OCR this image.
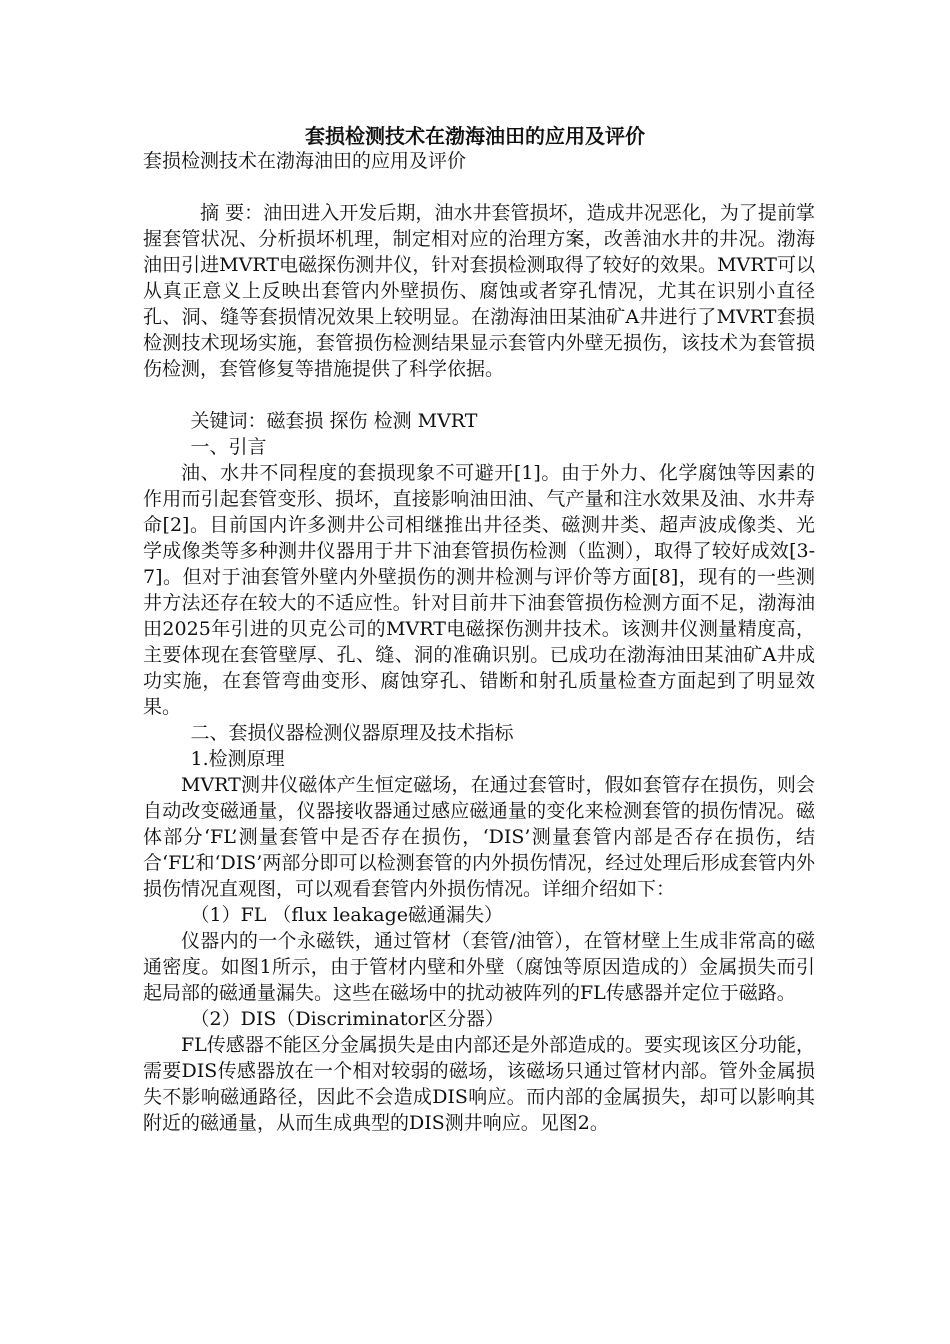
套损检测技术在渤海油田的应用及评价
套损检测技术在渤海油田的应用及评价

摘 要：油田进入开发后期，油水井套管损坏，造成井况恶化，为了提前掌握套管状况、分析损坏机理，制定相对应的治理方案，改善油水井的井况。渤海油田引进MVRT电磁探伤测井仪，针对套损检测取得了较好的效果。MVRT可以从真正意义上反映出套管内外壁损伤、腐蚀或者穿孔情况，尤其在识别小直径孔、洞、缝等套损情况效果上较明显。在渤海油田某油矿A井进行了MVRT套损检测技术现场实施，套管损伤检测结果显示套管内外壁无损伤，该技术为套管损伤检测，套管修复等措施提供了科学依据。

关键词：磁套损 探伤 检测 MVRT

一、引言

油、水井不同程度的套损现象不可避开[1]。由于外力、化学腐蚀等因素的作用而引起套管变形、损坏，直接影响油田油、气产量和注水效果及油、水井寿命[2]。目前国内许多测井公司相继推出井径类、磁测井类、超声波成像类、光学成像类等多种测井仪器用于井下油套管损伤检测（监测），取得了较好成效[3-7]。但对于油套管外壁内外壁损伤的测井检测与评价等方面[8]，现有的一些测井方法还存在较大的不适应性。针对目前井下油套管损伤检测方面不足，渤海油田2025年引进的贝克公司的MVRT电磁探伤测井技术。该测井仪测量精度高，主要体现在套管壁厚、孔、缝、洞的准确识别。已成功在渤海油田某油矿A井成功实施，在套管弯曲变形、腐蚀穿孔、错断和射孔质量检查方面起到了明显效果。

二、套损仪器检测仪器原理及技术指标

1.检测原理

MVRT测井仪磁体产生恒定磁场，在通过套管时，假如套管存在损伤，则会自动改变磁通量，仪器接收器通过感应磁通量的变化来检测套管的损伤情况。磁体部分‘FL’测量套管中是否存在损伤，‘DIS’测量套管内部是否存在损伤，结合‘FL’和‘DIS’两部分即可以检测套管的内外损伤情况，经过处理后形成套管内外损伤情况直观图，可以观看套管内外损伤情况。详细介绍如下：

（1）FL （flux leakage磁通漏失）

仪器内的一个永磁铁，通过管材（套管/油管），在管材壁上生成非常高的磁通密度。如图1所示，由于管材内壁和外壁（腐蚀等原因造成的）金属损失而引起局部的磁通量漏失。这些在磁场中的扰动被阵列的FL传感器并定位于磁路。

（2）DIS（Discriminator区分器）

FL传感器不能区分金属损失是由内部还是外部造成的。要实现该区分功能，需要DIS传感器放在一个相对较弱的磁场，该磁场只通过管材内部。管外金属损失不影响磁通路径，因此不会造成DIS响应。而内部的金属损失，却可以影响其附近的磁通量，从而生成典型的DIS测井响应。见图2。
